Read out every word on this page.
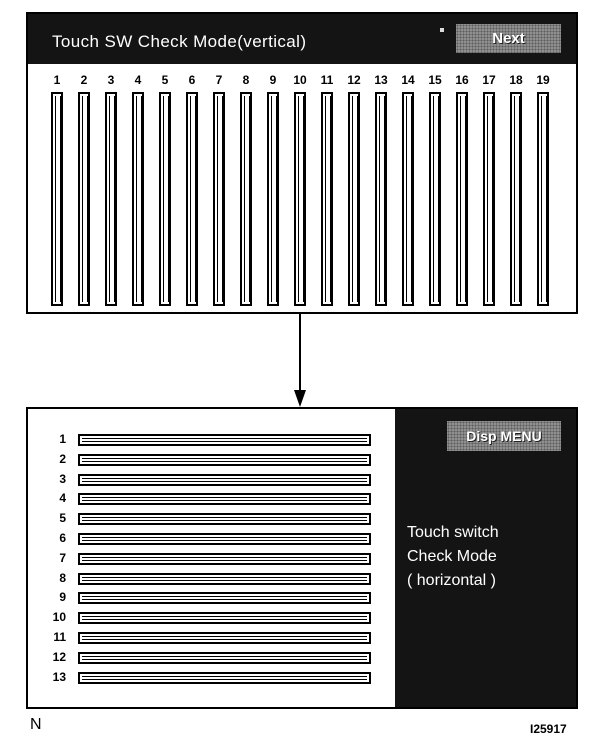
Touch SW Check Mode(vertical)	Next
1	2	3	4	5	6	7	8	9	10	11	12	13	14	15	16	17	18	19
1
2
3
4
5
6
7
8
9
10
11
12
13
Disp MENU
Touch switch
Check Mode
( horizontal )
N	I25917
